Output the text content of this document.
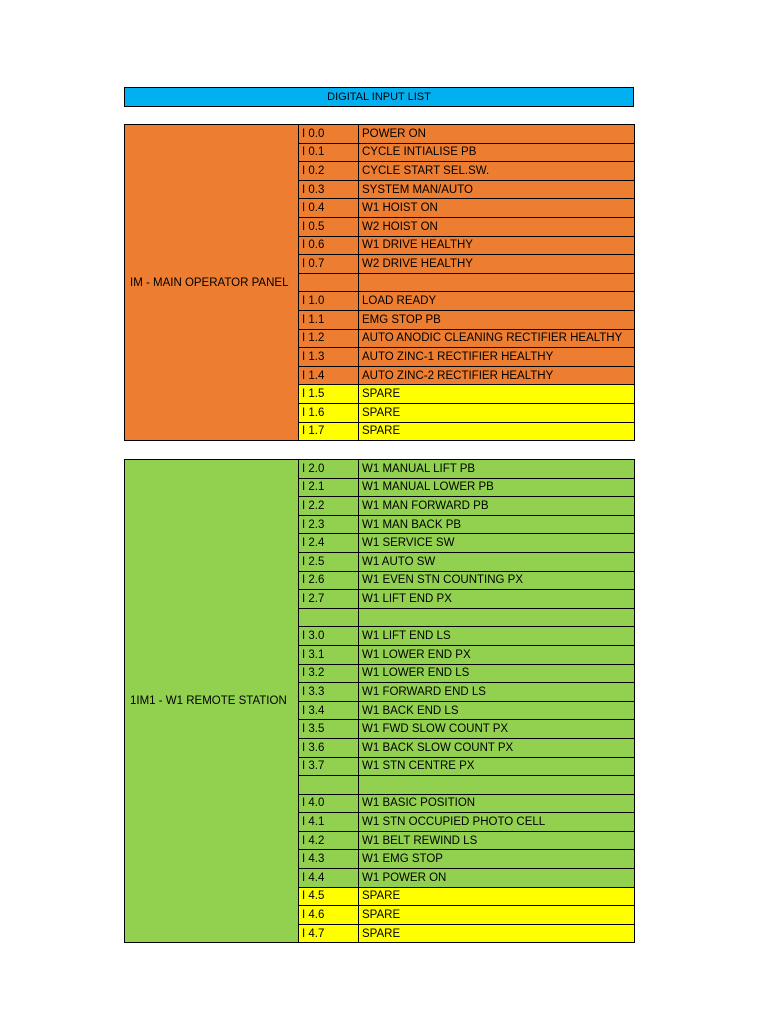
DIGITAL INPUT LIST
IM - MAIN OPERATOR PANEL	I 0.0	POWER ON
	I 0.1	CYCLE INTIALISE PB
	I 0.2	CYCLE START SEL.SW.
	I 0.3	SYSTEM MAN/AUTO
	I 0.4	W1 HOIST ON
	I 0.5	W2 HOIST ON
	I 0.6	W1 DRIVE HEALTHY
	I 0.7	W2 DRIVE HEALTHY

	I 1.0	LOAD READY
	I 1.1	EMG STOP PB
	I 1.2	AUTO ANODIC CLEANING RECTIFIER HEALTHY
	I 1.3	AUTO ZINC-1 RECTIFIER HEALTHY
	I 1.4	AUTO ZINC-2 RECTIFIER HEALTHY
	I 1.5	SPARE
	I 1.6	SPARE
	I 1.7	SPARE
1IM1 - W1 REMOTE STATION	I 2.0	W1 MANUAL LIFT PB
	I 2.1	W1 MANUAL LOWER PB
	I 2.2	W1 MAN FORWARD PB
	I 2.3	W1 MAN BACK PB
	I 2.4	W1 SERVICE SW
	I 2.5	W1 AUTO SW
	I 2.6	W1 EVEN STN COUNTING PX
	I 2.7	W1 LIFT END PX

	I 3.0	W1 LIFT END LS
	I 3.1	W1 LOWER END PX
	I 3.2	W1 LOWER END LS
	I 3.3	W1 FORWARD END LS
	I 3.4	W1 BACK END LS
	I 3.5	W1 FWD SLOW COUNT PX
	I 3.6	W1 BACK SLOW COUNT PX
	I 3.7	W1 STN CENTRE PX

	I 4.0	W1 BASIC POSITION
	I 4.1	W1 STN OCCUPIED PHOTO CELL
	I 4.2	W1 BELT REWIND LS
	I 4.3	W1 EMG STOP
	I 4.4	W1 POWER ON
	I 4.5	SPARE
	I 4.6	SPARE
	I 4.7	SPARE
